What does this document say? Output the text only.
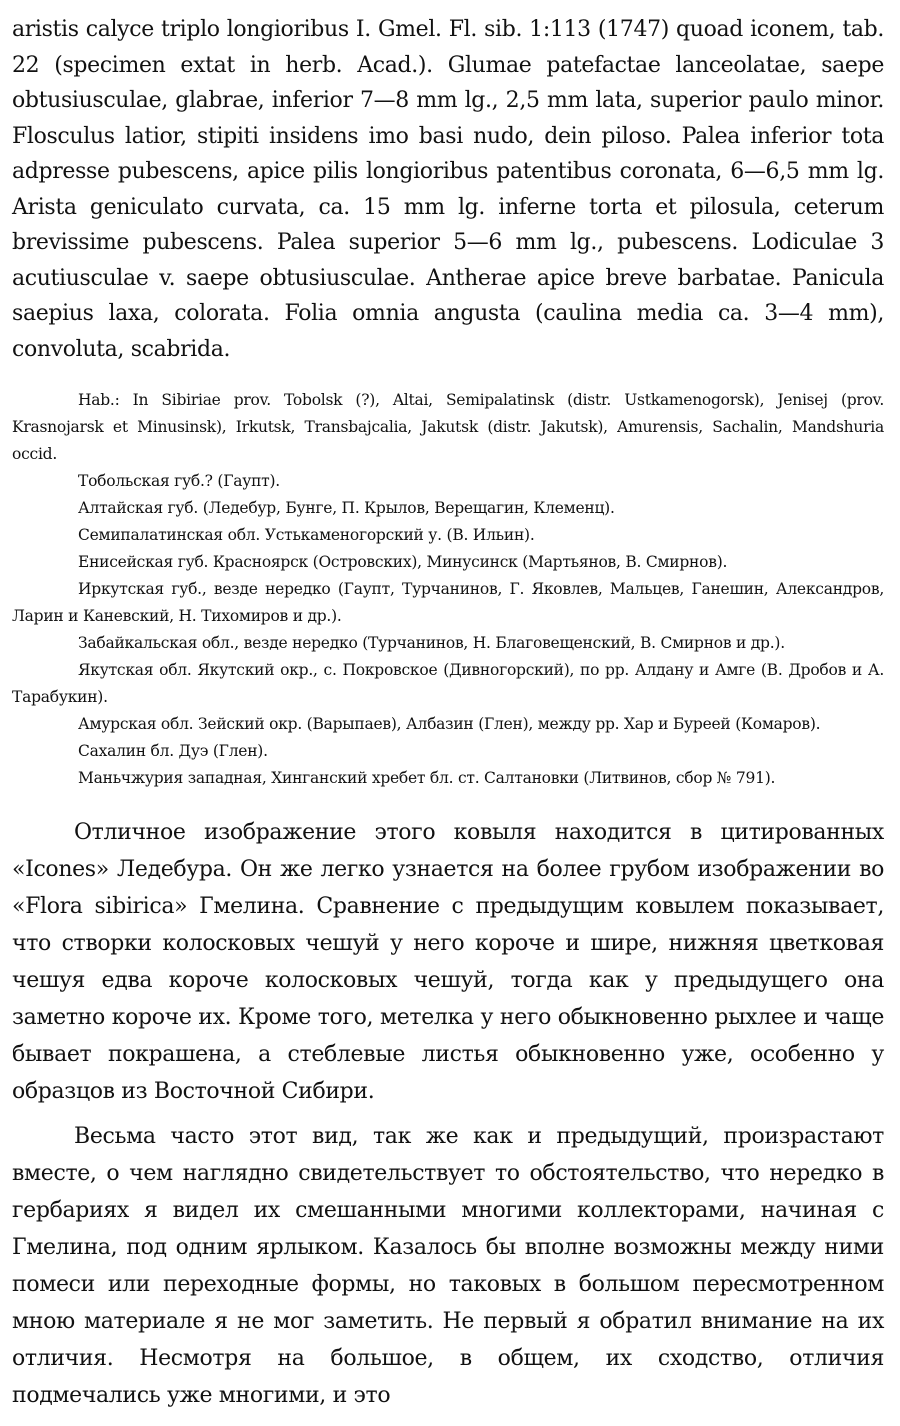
aristis calyce triplo longioribus I. Gmel. Fl. sib. 1:113 (1747) quoad iconem, tab. 22 (specimen extat in herb. Acad.). Glumae patefactae lanceolatae, saepe obtusiusculae, glabrae, inferior 7—8 mm lg., 2,5 mm lata, superior paulo minor. Flosculus latior, stipiti insidens imo basi nudo, dein piloso. Palea inferior tota adpresse pubescens, apice pilis longioribus patentibus coronata, 6—6,5 mm lg. Arista geniculato curvata, ca. 15 mm lg. inferne torta et pilosula, ceterum brevissime pubescens. Palea superior 5—6 mm lg., pubescens. Lodiculae 3 acutiusculae v. saepe obtusiusculae. Antherae apice breve barbatae. Panicula saepius laxa, colorata. Folia omnia angusta (caulina media ca. 3—4 mm), convoluta, scabrida.

Hab.: In Sibiriae prov. Tobolsk (?), Altai, Semipalatinsk (distr. Ustkamenogorsk), Jenisej (prov. Krasnojarsk et Minusinsk), Irkutsk, Transbajcalia, Jakutsk (distr. Jakutsk), Amurensis, Sachalin, Mandshuria occid.

Тобольская губ.? (Гаупт).

Алтайская губ. (Ледебур, Бунге, П. Крылов, Верещагин, Клеменц).

Семипалатинская обл. Устькаменогорский у. (В. Ильин).

Енисейская губ. Красноярск (Островских), Минусинск (Мартьянов, В. Смирнов).

Иркутская губ., везде нередко (Гаупт, Турчанинов, Г. Яковлев, Мальцев, Ганешин, Александров, Ларин и Каневский, Н. Тихомиров и др.).

Забайкальская обл., везде нередко (Турчанинов, Н. Благовещенский, В. Смирнов и др.).

Якутская обл. Якутский окр., с. Покровское (Дивногорский), по рр. Алдану и Амге (В. Дробов и А. Тарабукин).

Амурская обл. Зейский окр. (Варыпаев), Албазин (Глен), между рр. Хар и Буреей (Комаров).

Сахалин бл. Дуэ (Глен).

Маньчжурия западная, Хинганский хребет бл. ст. Салтановки (Литвинов, сбор № 791).

Отличное изображение этого ковыля находится в цитированных «Icones» Ледебура. Он же легко узнается на более грубом изображении во «Flora sibirica» Гмелина. Сравнение с предыдущим ковылем показывает, что створки колосковых чешуй у него короче и шире, нижняя цветковая чешуя едва короче колосковых чешуй, тогда как у предыдущего она заметно короче их. Кроме того, метелка у него обыкновенно рыхлее и чаще бывает покрашена, а стеблевые листья обыкновенно уже, особенно у образцов из Восточной Сибири.

Весьма часто этот вид, так же как и предыдущий, произрастают вместе, о чем наглядно свидетельствует то обстоятельство, что нередко в гербариях я видел их смешанными многими коллекторами, начиная с Гмелина, под одним ярлыком. Казалось бы вполне возможны между ними помеси или переходные формы, но таковых в большом пересмотренном мною материале я не мог заметить. Не первый я обратил внимание на их отличия. Несмотря на большое, в общем, их сходство, отличия подмечались уже многими, и это
